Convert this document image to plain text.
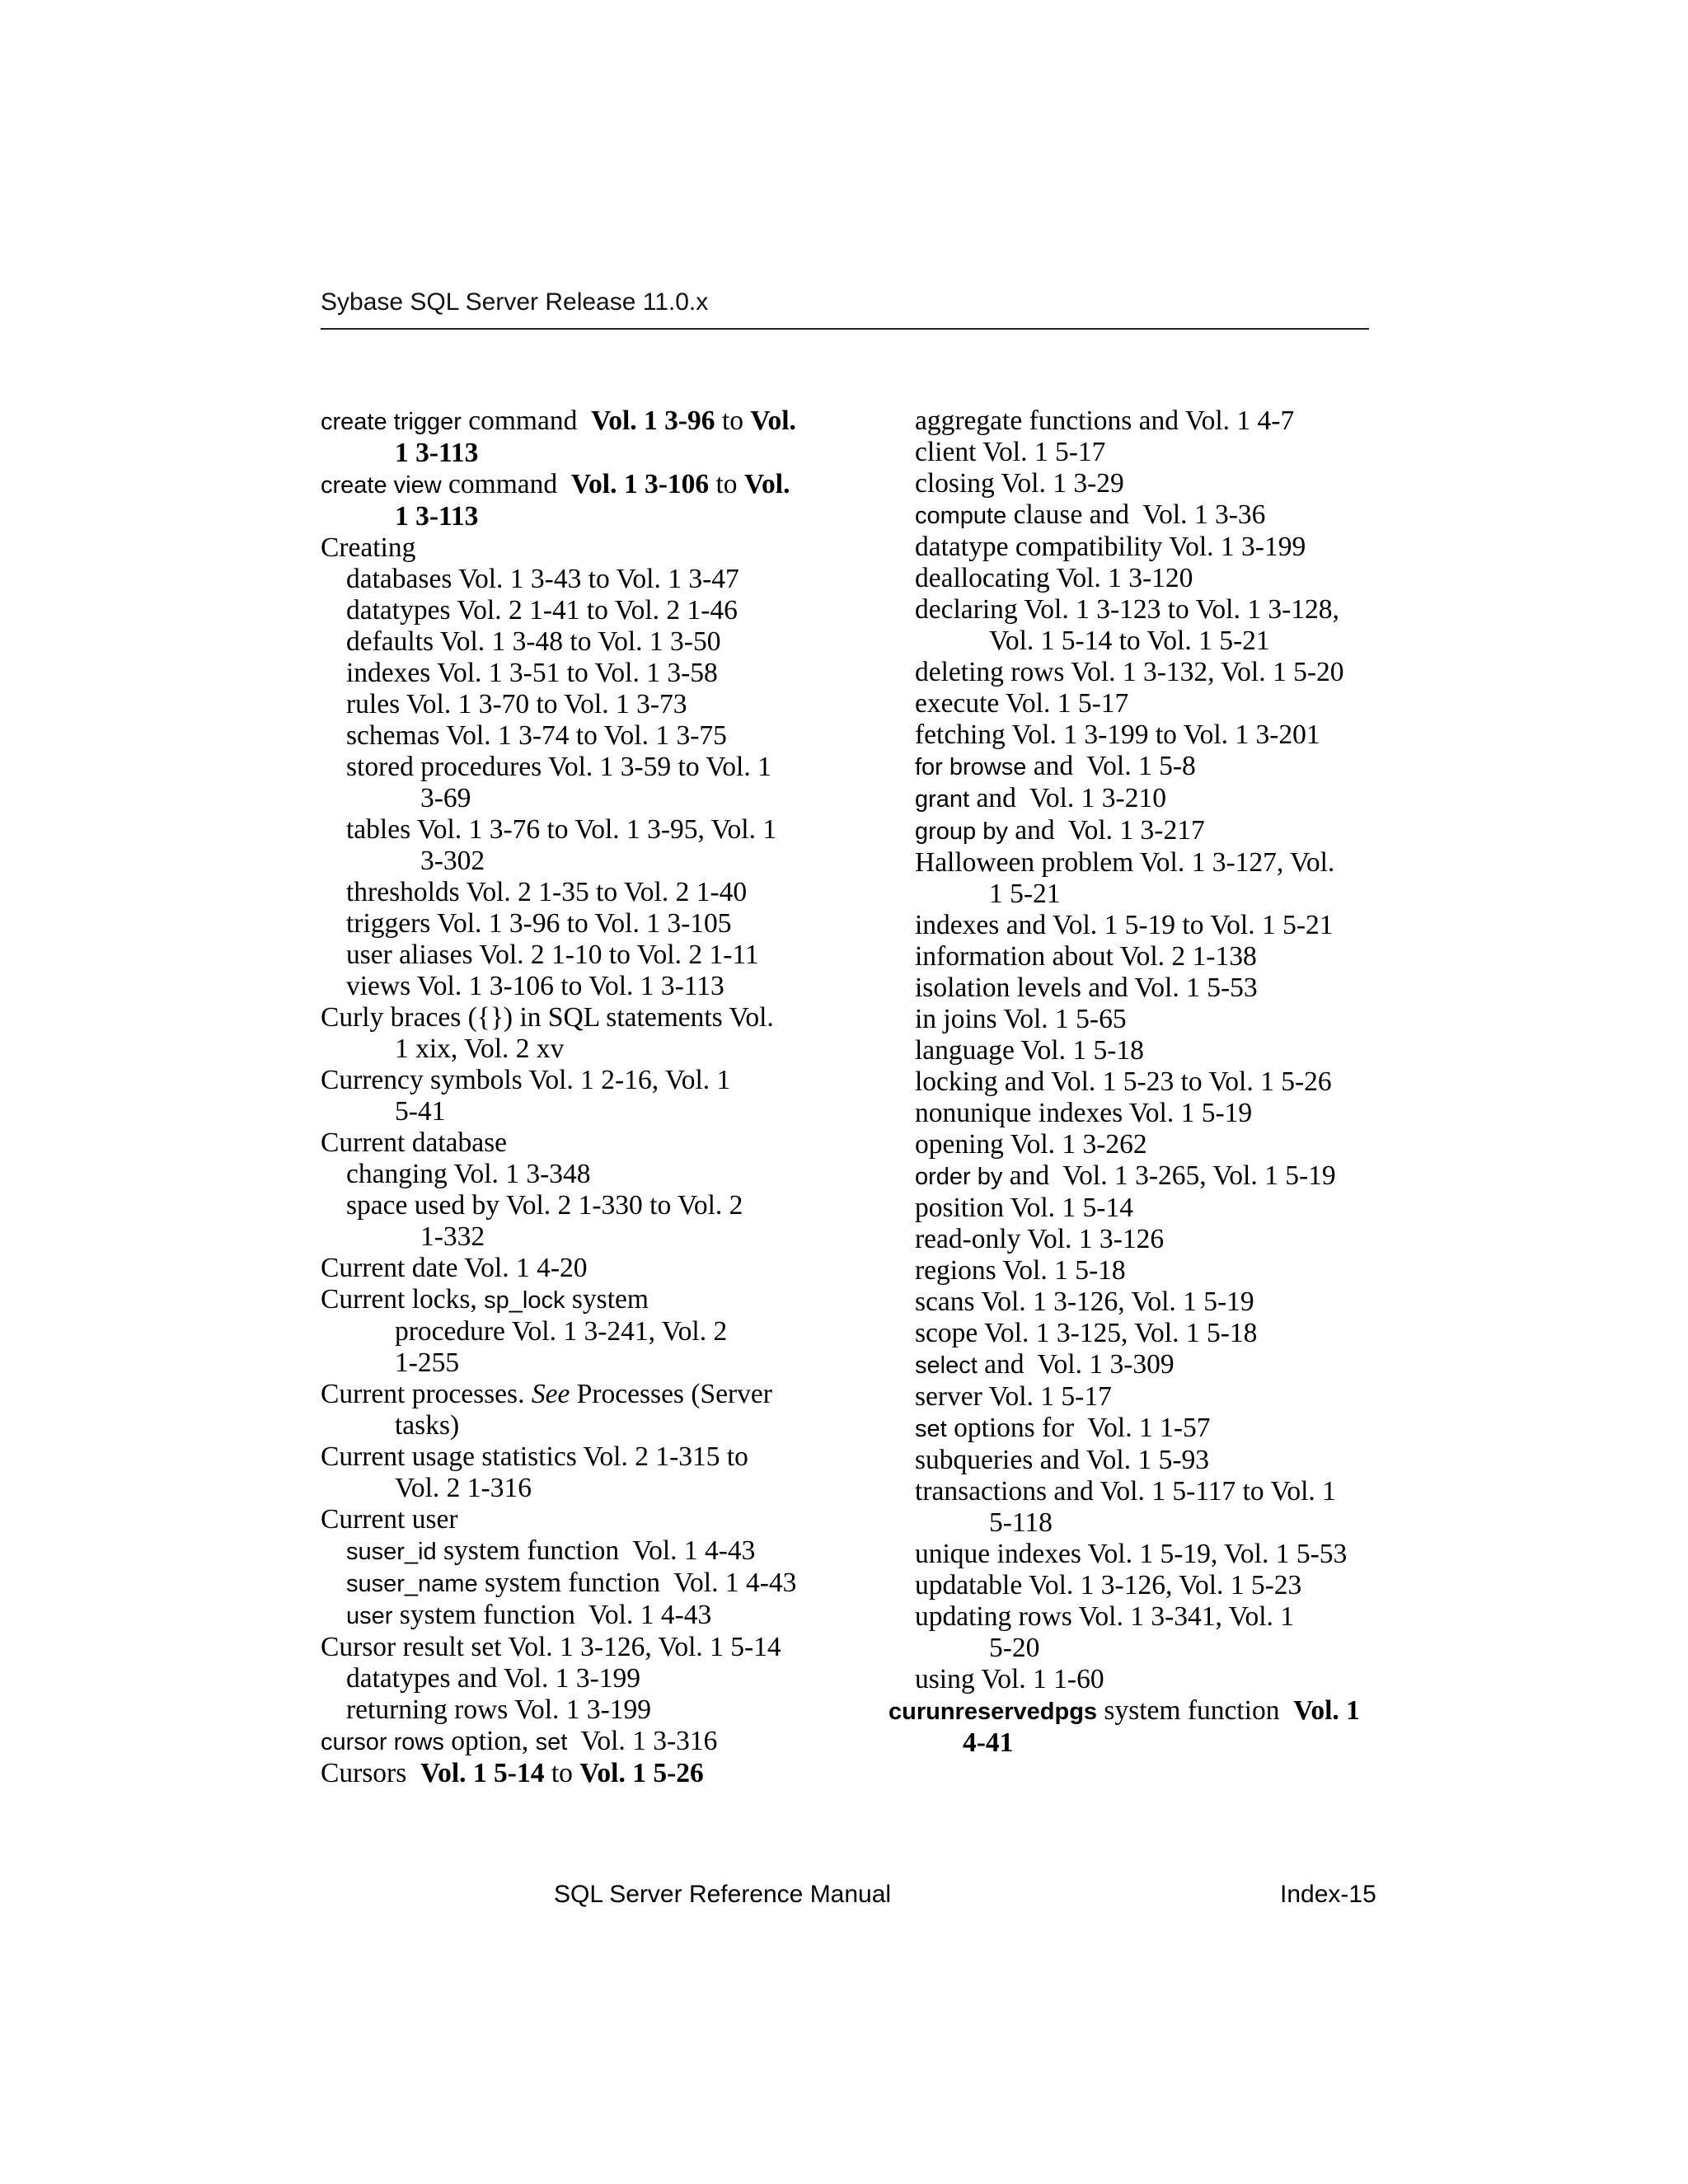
Sybase SQL Server Release 11.0.x
create trigger command  Vol. 1 3-96 to Vol.
1 3-113
create view command  Vol. 1 3-106 to Vol.
1 3-113
Creating
databases Vol. 1 3-43 to Vol. 1 3-47
datatypes Vol. 2 1-41 to Vol. 2 1-46
defaults Vol. 1 3-48 to Vol. 1 3-50
indexes Vol. 1 3-51 to Vol. 1 3-58
rules Vol. 1 3-70 to Vol. 1 3-73
schemas Vol. 1 3-74 to Vol. 1 3-75
stored procedures Vol. 1 3-59 to Vol. 1
3-69
tables Vol. 1 3-76 to Vol. 1 3-95, Vol. 1
3-302
thresholds Vol. 2 1-35 to Vol. 2 1-40
triggers Vol. 1 3-96 to Vol. 1 3-105
user aliases Vol. 2 1-10 to Vol. 2 1-11
views Vol. 1 3-106 to Vol. 1 3-113
Curly braces ({}) in SQL statements Vol.
1 xix, Vol. 2 xv
Currency symbols Vol. 1 2-16, Vol. 1
5-41
Current database
changing Vol. 1 3-348
space used by Vol. 2 1-330 to Vol. 2
1-332
Current date Vol. 1 4-20
Current locks, sp_lock system
procedure Vol. 1 3-241, Vol. 2
1-255
Current processes. See Processes (Server
tasks)
Current usage statistics Vol. 2 1-315 to
Vol. 2 1-316
Current user
suser_id system function  Vol. 1 4-43
suser_name system function  Vol. 1 4-43
user system function  Vol. 1 4-43
Cursor result set Vol. 1 3-126, Vol. 1 5-14
datatypes and Vol. 1 3-199
returning rows Vol. 1 3-199
cursor rows option, set  Vol. 1 3-316
Cursors  Vol. 1 5-14 to Vol. 1 5-26
aggregate functions and Vol. 1 4-7
client Vol. 1 5-17
closing Vol. 1 3-29
compute clause and  Vol. 1 3-36
datatype compatibility Vol. 1 3-199
deallocating Vol. 1 3-120
declaring Vol. 1 3-123 to Vol. 1 3-128,
Vol. 1 5-14 to Vol. 1 5-21
deleting rows Vol. 1 3-132, Vol. 1 5-20
execute Vol. 1 5-17
fetching Vol. 1 3-199 to Vol. 1 3-201
for browse and  Vol. 1 5-8
grant and  Vol. 1 3-210
group by and  Vol. 1 3-217
Halloween problem Vol. 1 3-127, Vol.
1 5-21
indexes and Vol. 1 5-19 to Vol. 1 5-21
information about Vol. 2 1-138
isolation levels and Vol. 1 5-53
in joins Vol. 1 5-65
language Vol. 1 5-18
locking and Vol. 1 5-23 to Vol. 1 5-26
nonunique indexes Vol. 1 5-19
opening Vol. 1 3-262
order by and  Vol. 1 3-265, Vol. 1 5-19
position Vol. 1 5-14
read-only Vol. 1 3-126
regions Vol. 1 5-18
scans Vol. 1 3-126, Vol. 1 5-19
scope Vol. 1 3-125, Vol. 1 5-18
select and  Vol. 1 3-309
server Vol. 1 5-17
set options for  Vol. 1 1-57
subqueries and Vol. 1 5-93
transactions and Vol. 1 5-117 to Vol. 1
5-118
unique indexes Vol. 1 5-19, Vol. 1 5-53
updatable Vol. 1 3-126, Vol. 1 5-23
updating rows Vol. 1 3-341, Vol. 1
5-20
using Vol. 1 1-60
curunreservedpgs system function  Vol. 1
4-41
SQL Server Reference Manual	Index-15
